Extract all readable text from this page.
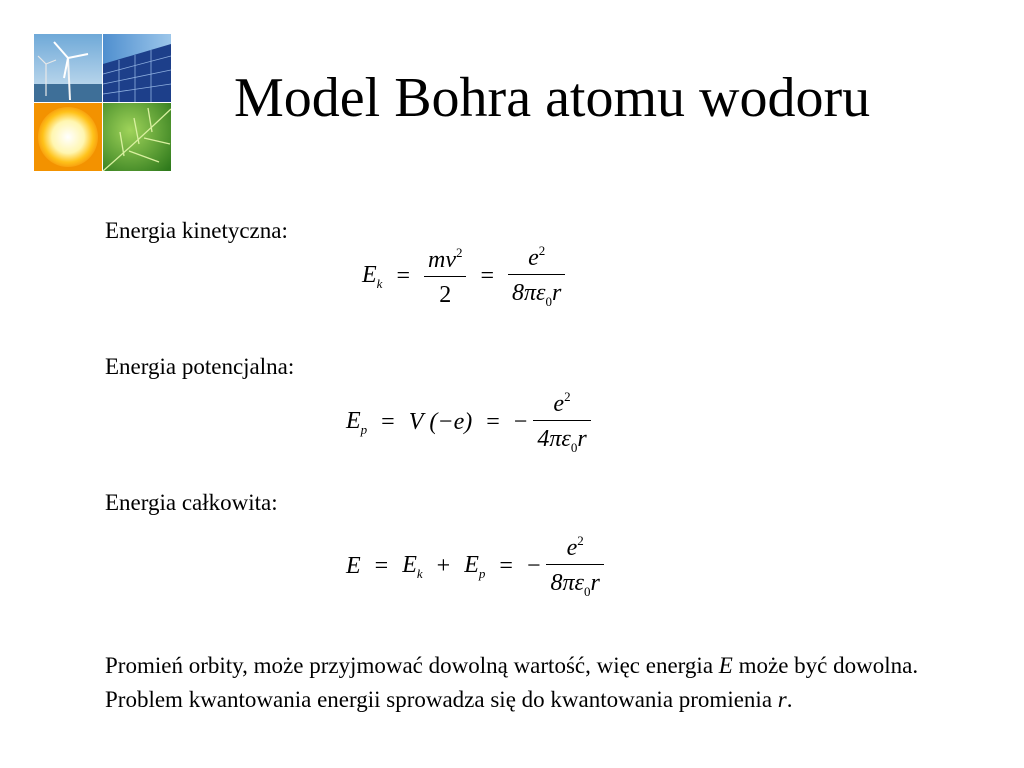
Model Bohra atomu wodoru
Energia kinetyczna:
$E_k = \frac{mv^2}{2} = \frac{e^2}{8\pi\varepsilon_0r}$
Energia potencjalna:
$E_p = V$ (−e) = − $\frac{e^2}{4\pi\varepsilon_0r}$
Energia całkowita:
$E = E_k + E_p$ = − $\frac{e^2}{8\pi\varepsilon_0r}$
Promień orbity, może przyjmować dowolną wartość, więc energia E może być dowolna. Problem kwantowania energii sprowadza się do kwantowania promienia r.
